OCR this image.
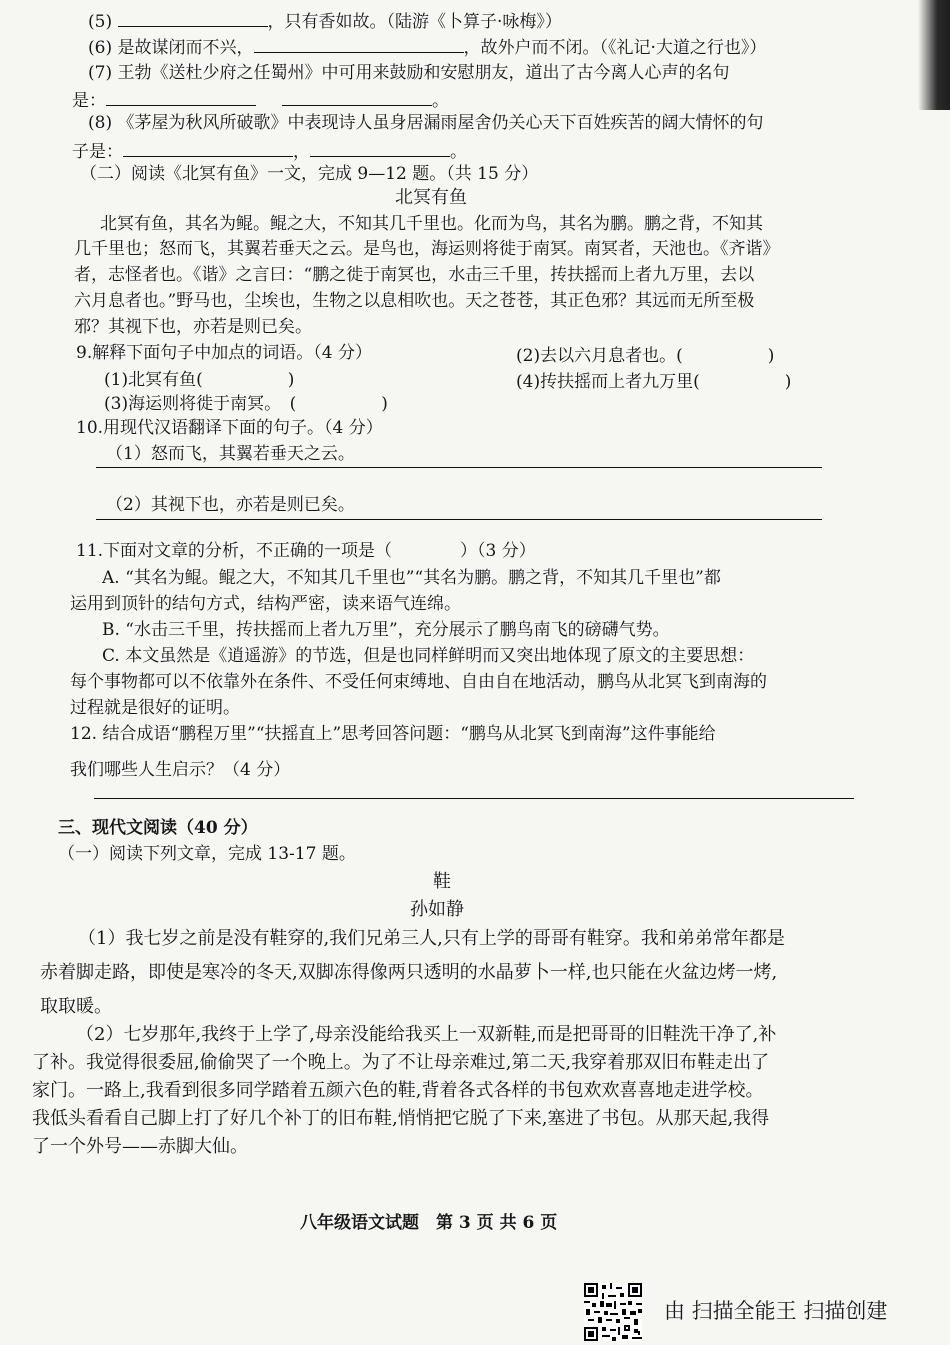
(5)	，只有香如故。（陆游《卜算子·咏梅》）
(6) 是故谋闭而不兴，	，故外户而不闭。（《礼记·大道之行也》）
(7) 王勃《送杜少府之任蜀州》中可用来鼓励和安慰朋友，道出了古今离人心声的名句
是：	。
(8) 《茅屋为秋风所破歌》中表现诗人虽身居漏雨屋舍仍关心天下百姓疾苦的阔大情怀的句
子是：	，	。
（二）阅读《北冥有鱼》一文，完成 9—12 题。（共 15 分）
北冥有鱼
北冥有鱼，其名为鲲。鲲之大，不知其几千里也。化而为鸟，其名为鹏。鹏之背，不知其
几千里也；怒而飞，其翼若垂天之云。是鸟也，海运则将徙于南冥。南冥者，天池也。《齐谐》
者，志怪者也。《谐》之言曰：“鹏之徙于南冥也，水击三千里，抟扶摇而上者九万里，去以
六月息者也。”野马也，尘埃也，生物之以息相吹也。天之苍苍，其正色邪？其远而无所至极
邪？其视下也，亦若是则已矣。
9.解释下面句子中加点的词语。（4 分）	(2)去以六月息者也。(　　　　　)
(1)北冥有鱼(　　　　　)	(4)抟扶摇而上者九万里(　　　　　)
(3)海运则将徙于南冥。　(　　　　　)
10.用现代汉语翻译下面的句子。（4 分）
（1）怒而飞，其翼若垂天之云。
（2）其视下也，亦若是则已矣。
11.下面对文章的分析，不正确的一项是（　　　　）（3 分）
A. “其名为鲲。鲲之大，不知其几千里也”“其名为鹏。鹏之背，不知其几千里也”都
运用到顶针的结句方式，结构严密，读来语气连绵。
B. “水击三千里，抟扶摇而上者九万里”，充分展示了鹏鸟南飞的磅礴气势。
C. 本文虽然是《逍遥游》的节选，但是也同样鲜明而又突出地体现了原文的主要思想：
每个事物都可以不依靠外在条件、不受任何束缚地、自由自在地活动，鹏鸟从北冥飞到南海的
过程就是很好的证明。
12. 结合成语“鹏程万里”“扶摇直上”思考回答问题：“鹏鸟从北冥飞到南海”这件事能给
我们哪些人生启示？（4 分）
三、现代文阅读（40 分）
（一）阅读下列文章，完成 13-17 题。
鞋
孙如静
（1）我七岁之前是没有鞋穿的,我们兄弟三人,只有上学的哥哥有鞋穿。我和弟弟常年都是
赤着脚走路，即使是寒冷的冬天,双脚冻得像两只透明的水晶萝卜一样,也只能在火盆边烤一烤,
取取暖。
（2）七岁那年,我终于上学了,母亲没能给我买上一双新鞋,而是把哥哥的旧鞋洗干净了,补
了补。我觉得很委屈,偷偷哭了一个晚上。为了不让母亲难过,第二天,我穿着那双旧布鞋走出了
家门。一路上,我看到很多同学踏着五颜六色的鞋,背着各式各样的书包欢欢喜喜地走进学校。
我低头看看自己脚上打了好几个补丁的旧布鞋,悄悄把它脱了下来,塞进了书包。从那天起,我得
了一个外号——赤脚大仙。
八年级语文试题　第 3 页 共 6 页
由 扫描全能王 扫描创建
